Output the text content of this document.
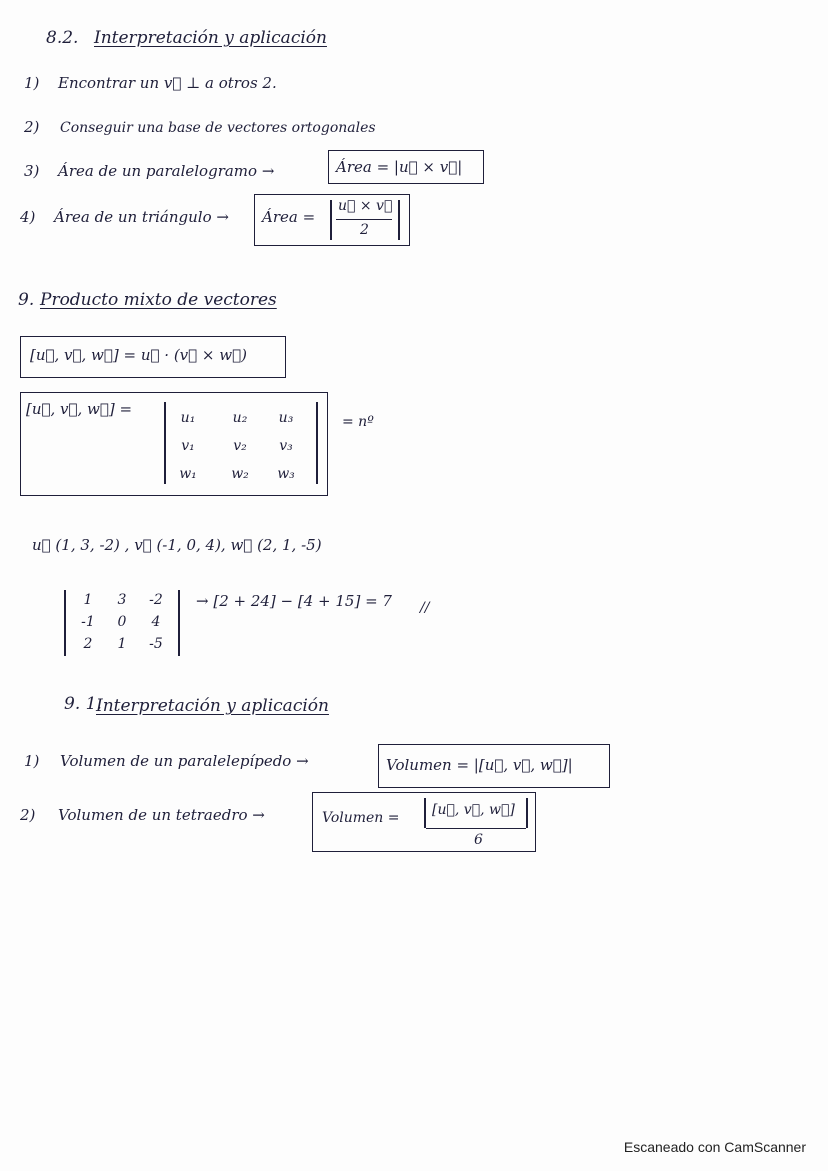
8.2. Interpretación y aplicación
1) Encontrar un v⃗ ⊥ a otros 2.
2) Conseguir una base de vectores ortogonales
3) Área de un paralelogramo →	Área = |u⃗ × v⃗|
4) Área de un triángulo → Área =
u⃗ × v⃗
2
9. Producto mixto de vectores
[u⃗, v⃗, w⃗] = u⃗ · (v⃗ × w⃗)
[u⃗, v⃗, w⃗] =	u₁	u₂	u₃
v₁	v₂	v₃
w₁	w₂	w₃
= nº
u⃗ (1, 3, -2) , v⃗ (-1, 0, 4), w⃗ (2, 1, -5)
1	3	-2
-1	0	4
2	1	-5
→ [2 + 24] − [4 + 15] = 7 //
9. 1.
Interpretación y aplicación
1) Volumen de un paralelepípedo →	Volumen = |[u⃗, v⃗, w⃗]|
2) Volumen de un tetraedro →	Volumen = [u⃗, v⃗, w⃗]
6
Escaneado con CamScanner
